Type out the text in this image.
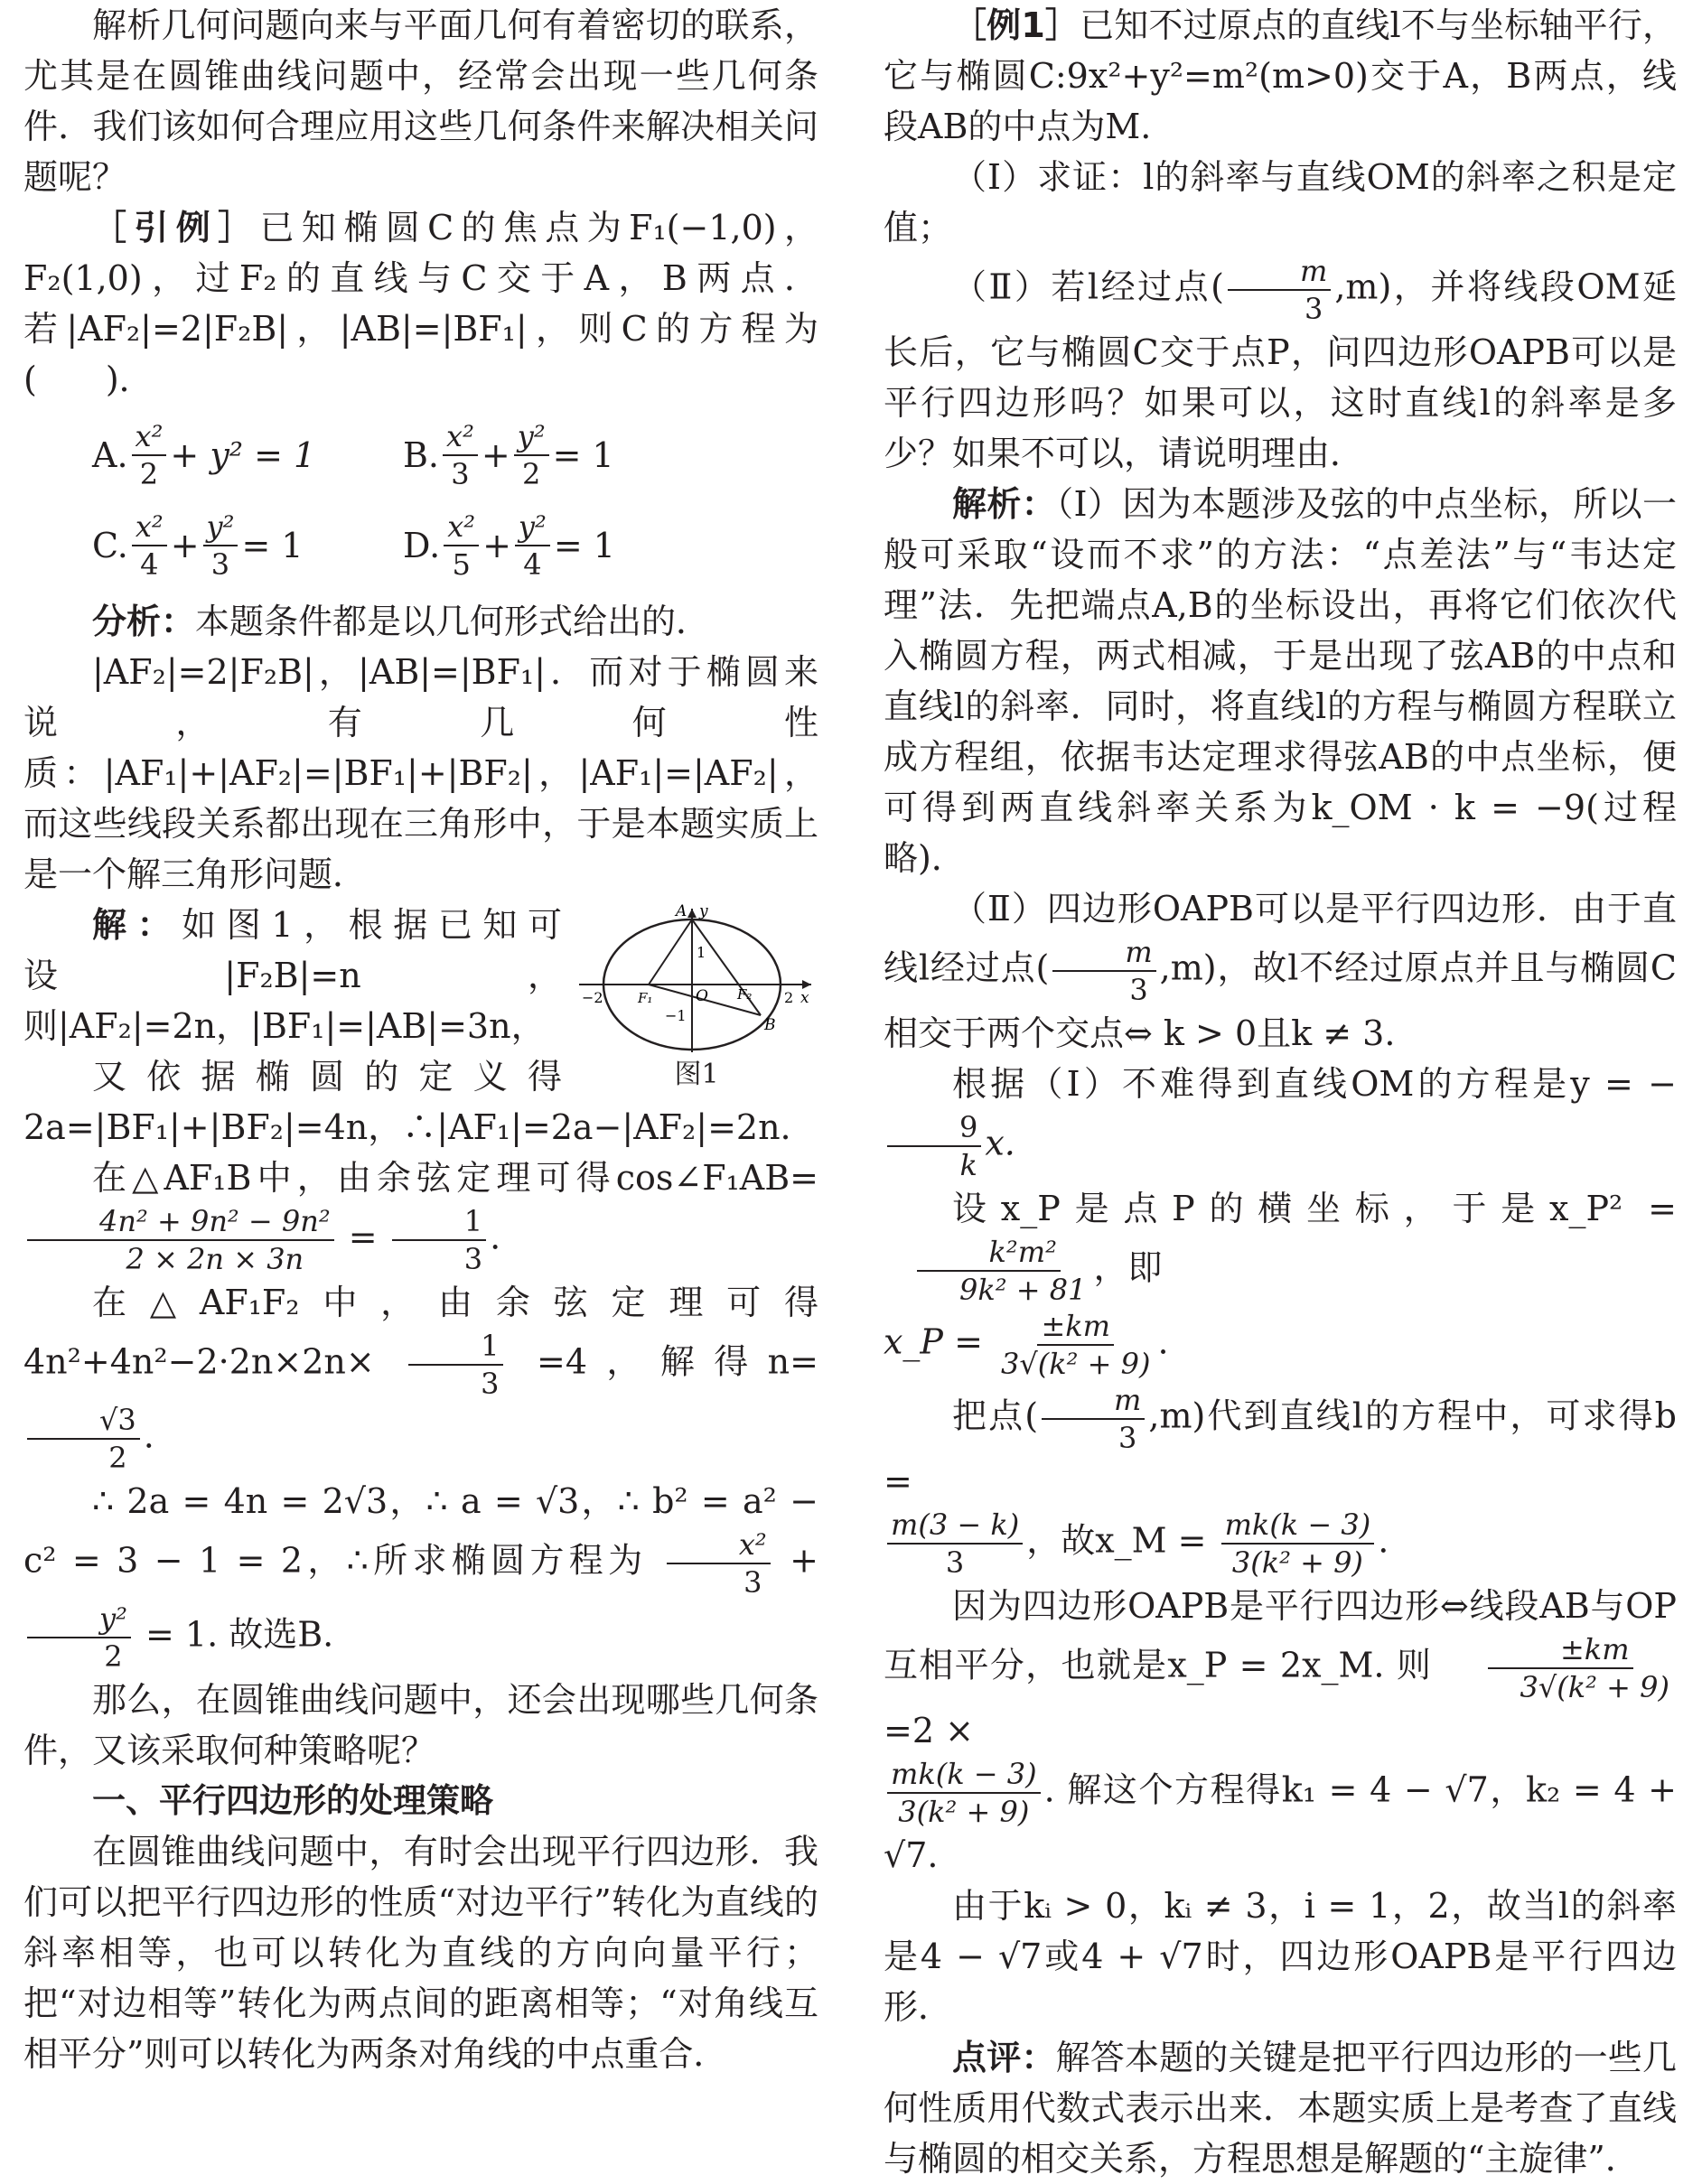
解析几何问题向来与平面几何有着密切的联系，尤其是在圆锥曲线问题中，经常会出现一些几何条件．我们该如何合理应用这些几何条件来解决相关问题呢？

［引例］已知椭圆C的焦点为F₁(−1,0)，F₂(1,0)，过F₂的直线与C交于A，B两点．若|AF₂|=2|F₂B|，|AB|=|BF₁|，则C的方程为(　　)．

A. $\frac{\text{x²}}{2} + y^2 = 1$	B. $\frac{\text{x²}}{3} + \frac{\text{y²}}{2} = 1$
C. $\frac{\text{x²}}{4} + \frac{\text{y²}}{3} = 1$	D. $\frac{\text{x²}}{5} + \frac{\text{y²}}{4} = 1$

分析：本题条件都是以几何形式给出的．

|AF₂|=2|F₂B|，|AB|=|BF₁|．而对于椭圆来说，有几何性质：|AF₁|+|AF₂|=|BF₁|+|BF₂|，|AF₁|=|AF₂|，而这些线段关系都出现在三角形中，于是本题实质上是一个解三角形问题．

A y
x
O
F₁	F₂
B
1
−1
−2	2
图1

解：如图1，根据已知可设|F₂B|=n，则|AF₂|=2n，|BF₁|=|AB|=3n，

又依据椭圆的定义得2a=|BF₁|+|BF₂|=4n，∴|AF₁|=2a−|AF₂|=2n.

在△AF₁B中，由余弦定理可得cos∠F₁AB=
$\frac{\text{4n² + 9n² − 9n²}}{2 \times 2n \times 3n} = \frac{1}{3}$ .

在△AF₁F₂中，由余弦定理可得$4n^2+4n^2-2\cdot 2n\times 2n\times \frac{1}{3} =4$，解得n=
$\frac{√3}{2}$ .

∴ 2a = 4n = 2√3，∴ a = √3，∴ b² = a² − c² = 3 − 1 = 2，∴所求椭圆方程为 $\frac{\text{x²}}{3}$ +
$\frac{\text{y²}}{2} = 1$. 故选B.

那么，在圆锥曲线问题中，还会出现哪些几何条件，又该采取何种策略呢？

一、平行四边形的处理策略

在圆锥曲线问题中，有时会出现平行四边形．我们可以把平行四边形的性质“对边平行”转化为直线的斜率相等，也可以转化为直线的方向向量平行；把“对边相等”转化为两点间的距离相等；“对角线互相平分”则可以转化为两条对角线的中点重合．

［例1］已知不过原点的直线l不与坐标轴平行，它与椭圆C:9x²+y²=m²(m>0)交于A，B两点，线段AB的中点为M.

（Ⅰ）求证：l的斜率与直线OM的斜率之积是定值；

（Ⅱ）若l经过点( $\frac{m}{3} ,m$)，并将线段OM延长后，它与椭圆C交于点P，问四边形OAPB可以是平行四边形吗？如果可以，这时直线l的斜率是多少？如果不可以，请说明理由．

解析：（Ⅰ）因为本题涉及弦的中点坐标，所以一般可采取“设而不求”的方法：“点差法”与“韦达定理”法．先把端点A,B的坐标设出，再将它们依次代入椭圆方程，两式相减，于是出现了弦AB的中点和直线l的斜率．同时，将直线l的方程与椭圆方程联立成方程组，依据韦达定理求得弦AB的中点坐标，便可得到两直线斜率关系为k_OM · k = −9(过程略)．

（Ⅱ）四边形OAPB可以是平行四边形．由于直线l经过点( $\frac{m}{3} ,m$)，故l不经过原点并且与椭圆C相交于两个交点⇔ k > 0且k ≠ 3.

根据（Ⅰ）不难得到直线OM的方程是y = −
$\frac{9}{k} x$.

设x_P是点P的横坐标，于是x_P² =
$\frac{\text{k²m²}}{\text{9k² + 81}}$ ，即

x_P = $\frac{\pm km}{\text{3√(k² + 9)}}$ .

把点( $\frac{m}{3} ,m$)代到直线l的方程中，可求得b =

$\frac{m(3 - k)}{3}$ ，故x_M = $\frac{mk(k - 3)}{\text{3(k² + 9)}}$ .

因为四边形OAPB是平行四边形⇔线段AB与OP互相平分，也就是x_P = 2x_M. 则 $\frac{\pm km}{\text{3√(k² + 9)}}$
=2 ×

$\frac{mk(k - 3)}{\text{3(k² + 9)}}$ . 解这个方程得k₁ = 4 − √7，k₂ = 4 + √7.

由于kᵢ > 0，kᵢ ≠ 3，i = 1，2，故当l的斜率是4 − √7或4 + √7时，四边形OAPB是平行四边形．

点评：解答本题的关键是把平行四边形的一些几何性质用代数式表示出来．本题实质上是考查了直线与椭圆的相交关系，方程思想是解题的“主旋律”．
